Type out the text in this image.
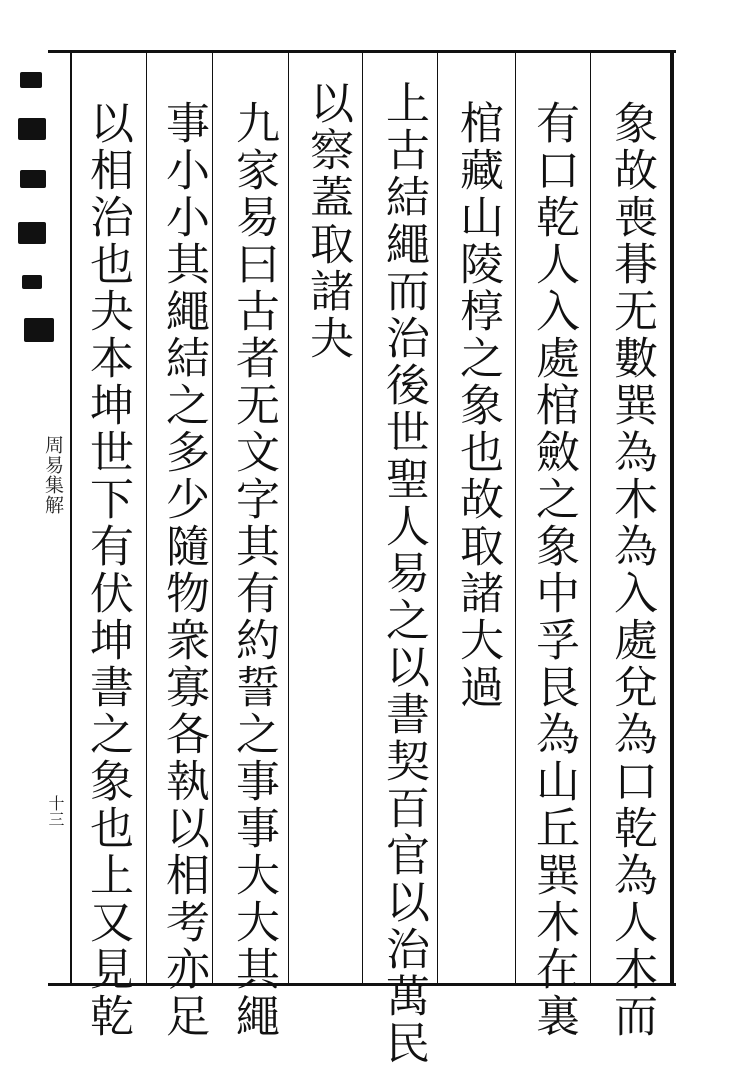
象故喪朞无數巽為木為入處兌為口乾為人木而
有口乾人入處棺斂之象中孚艮為山丘巽木在裏
棺藏山陵椁之象也故取諸大過
上古結繩而治後世聖人易之以書契百官以治萬民
以察蓋取諸夬
九家易曰古者无文字其有約誓之事事大大其繩
事小小其繩結之多少隨物衆寡各執以相考亦足
以相治也夬本坤世下有伏坤書之象也上又見乾
周易集解
十三
